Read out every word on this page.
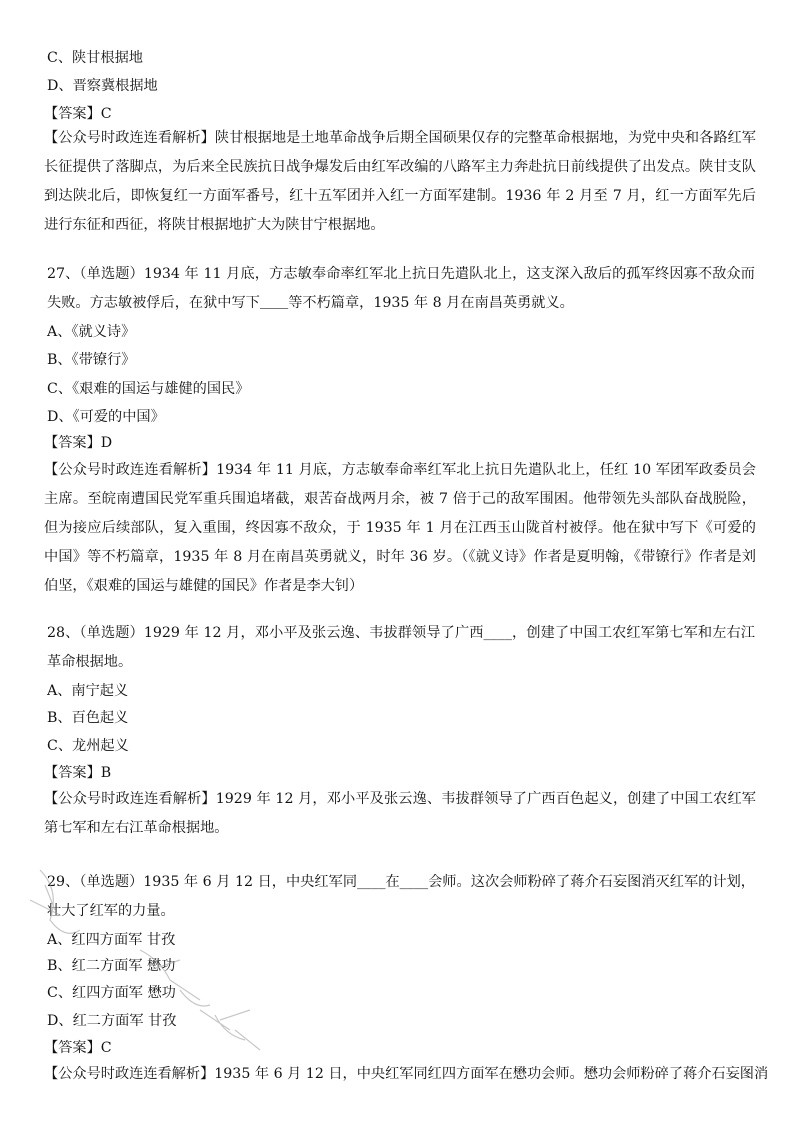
C、陕甘根据地
D、晋察冀根据地
【答案】C
【公众号时政连连看解析】陕甘根据地是土地革命战争后期全国硕果仅存的完整革命根据地，为党中央和各路红军长征提供了落脚点，为后来全民族抗日战争爆发后由红军改编的八路军主力奔赴抗日前线提供了出发点。陕甘支队到达陕北后，即恢复红一方面军番号，红十五军团并入红一方面军建制。1936 年 2 月至 7 月，红一方面军先后进行东征和西征，将陕甘根据地扩大为陕甘宁根据地。
27、（单选题）1934 年 11 月底，方志敏奉命率红军北上抗日先遣队北上，这支深入敌后的孤军终因寡不敌众而失败。方志敏被俘后，在狱中写下＿＿等不朽篇章，1935 年 8 月在南昌英勇就义。
A、《就义诗》
B、《带镣行》
C、《艰难的国运与雄健的国民》
D、《可爱的中国》
【答案】D
【公众号时政连连看解析】1934 年 11 月底，方志敏奉命率红军北上抗日先遣队北上，任红 10 军团军政委员会主席。至皖南遭国民党军重兵围追堵截，艰苦奋战两月余，被 7 倍于己的敌军围困。他带领先头部队奋战脱险，但为接应后续部队，复入重围，终因寡不敌众，于 1935 年 1 月在江西玉山陇首村被俘。他在狱中写下《可爱的中国》等不朽篇章，1935 年 8 月在南昌英勇就义，时年 36 岁。（《就义诗》作者是夏明翰，《带镣行》作者是刘伯坚，《艰难的国运与雄健的国民》作者是李大钊）
28、（单选题）1929 年 12 月，邓小平及张云逸、韦拔群领导了广西____，创建了中国工农红军第七军和左右江革命根据地。
A、南宁起义
B、百色起义
C、龙州起义
【答案】B
【公众号时政连连看解析】1929 年 12 月，邓小平及张云逸、韦拔群领导了广西百色起义，创建了中国工农红军第七军和左右江革命根据地。
29、（单选题）1935 年 6 月 12 日，中央红军同____在____会师。这次会师粉碎了蒋介石妄图消灭红军的计划，壮大了红军的力量。
A、红四方面军 甘孜
B、红二方面军 懋功
C、红四方面军 懋功
D、红二方面军 甘孜
【答案】C
【公众号时政连连看解析】1935 年 6 月 12 日，中央红军同红四方面军在懋功会师。懋功会师粉碎了蒋介石妄图消
